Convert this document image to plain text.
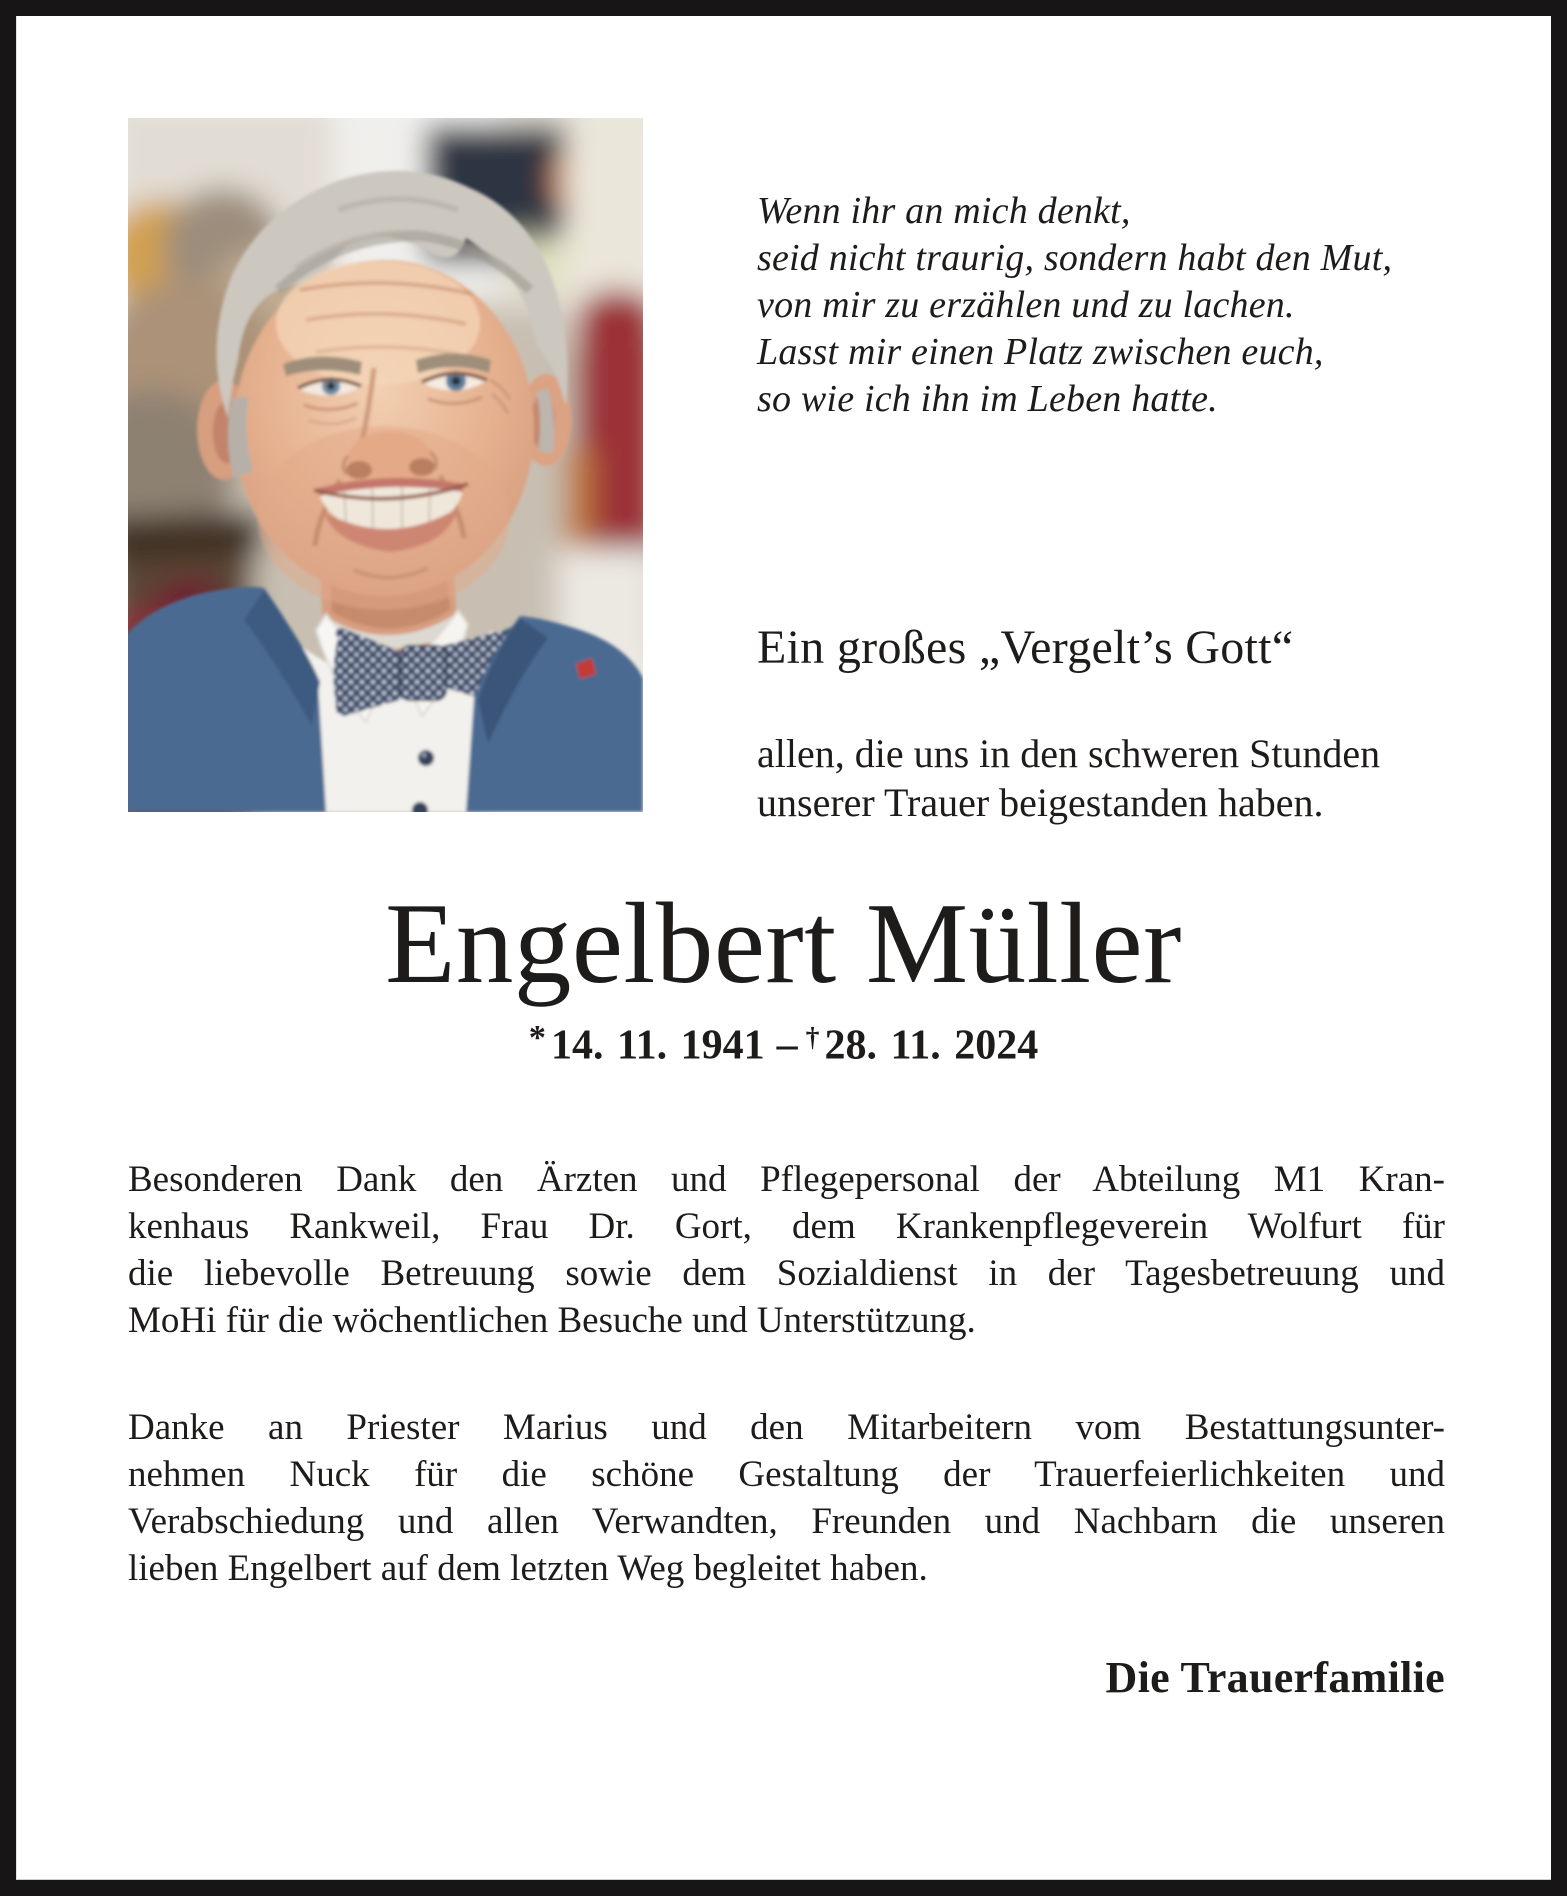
Wenn ihr an mich denkt,
seid nicht traurig, sondern habt den Mut,
von mir zu erzählen und zu lachen.
Lasst mir einen Platz zwischen euch,
so wie ich ihn im Leben hatte.
Ein großes „Vergelt’s Gott“
allen, die uns in den schweren Stunden
unserer Trauer beigestanden haben.
Engelbert Müller
* 14. 11. 1941 – † 28. 11. 2024
Besonderen Dank den Ärzten und Pflegepersonal der Abteilung M1 Kran-
kenhaus Rankweil, Frau Dr. Gort, dem Krankenpflegeverein Wolfurt für
die liebevolle Betreuung sowie dem Sozialdienst in der Tagesbetreuung und
MoHi für die wöchentlichen Besuche und Unterstützung.
Danke an Priester Marius und den Mitarbeitern vom Bestattungsunter-
nehmen Nuck für die schöne Gestaltung der Trauerfeierlichkeiten und
Verabschiedung und allen Verwandten, Freunden und Nachbarn die unseren
lieben Engelbert auf dem letzten Weg begleitet haben.
Die Trauerfamilie
